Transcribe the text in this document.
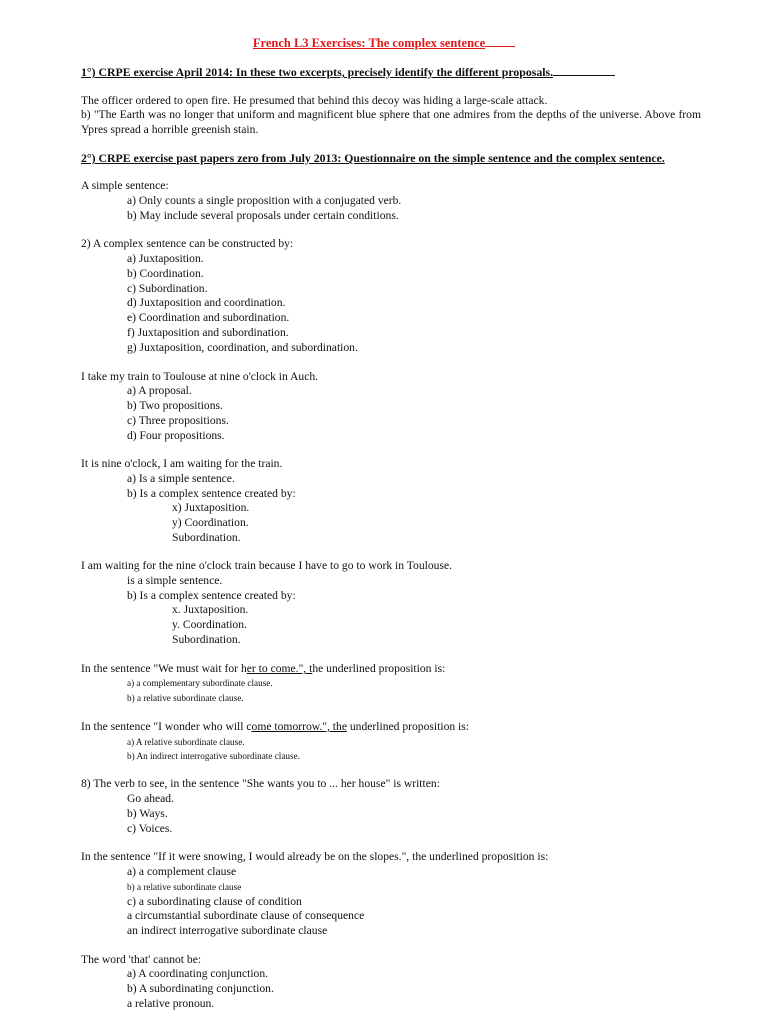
French L3 Exercises: The complex sentence
1°) CRPE exercise April 2014: In these two excerpts, precisely identify the different proposals.
The officer ordered to open fire. He presumed that behind this decoy was hiding a large-scale attack.
b) "The Earth was no longer that uniform and magnificent blue sphere that one admires from the depths of the universe. Above from Ypres spread a horrible greenish stain.
2°) CRPE exercise past papers zero from July 2013: Questionnaire on the simple sentence and the complex sentence.
A simple sentence:
a) Only counts a single proposition with a conjugated verb.
b) May include several proposals under certain conditions.
2) A complex sentence can be constructed by:
a) Juxtaposition.
b) Coordination.
c) Subordination.
d) Juxtaposition and coordination.
e) Coordination and subordination.
f) Juxtaposition and subordination.
g) Juxtaposition, coordination, and subordination.
I take my train to Toulouse at nine o'clock in Auch.
a) A proposal.
b) Two propositions.
c) Three propositions.
d) Four propositions.
It is nine o'clock, I am waiting for the train.
a) Is a simple sentence.
b) Is a complex sentence created by:
x) Juxtaposition.
y) Coordination.
Subordination.
I am waiting for the nine o'clock train because I have to go to work in Toulouse.
is a simple sentence.
b) Is a complex sentence created by:
x. Juxtaposition.
y. Coordination.
Subordination.
In the sentence "We must wait for her to come.", the underlined proposition is:
a) a complementary subordinate clause.
b) a relative subordinate clause.
In the sentence "I wonder who will come tomorrow.", the underlined proposition is:
a) A relative subordinate clause.
b) An indirect interrogative subordinate clause.
8) The verb to see, in the sentence "She wants you to ... her house" is written:
Go ahead.
b) Ways.
c) Voices.
In the sentence "If it were snowing, I would already be on the slopes.", the underlined proposition is:
a) a complement clause
b) a relative subordinate clause
c) a subordinating clause of condition
a circumstantial subordinate clause of consequence
an indirect interrogative subordinate clause
The word 'that' cannot be:
a) A coordinating conjunction.
b) A subordinating conjunction.
a relative pronoun.
